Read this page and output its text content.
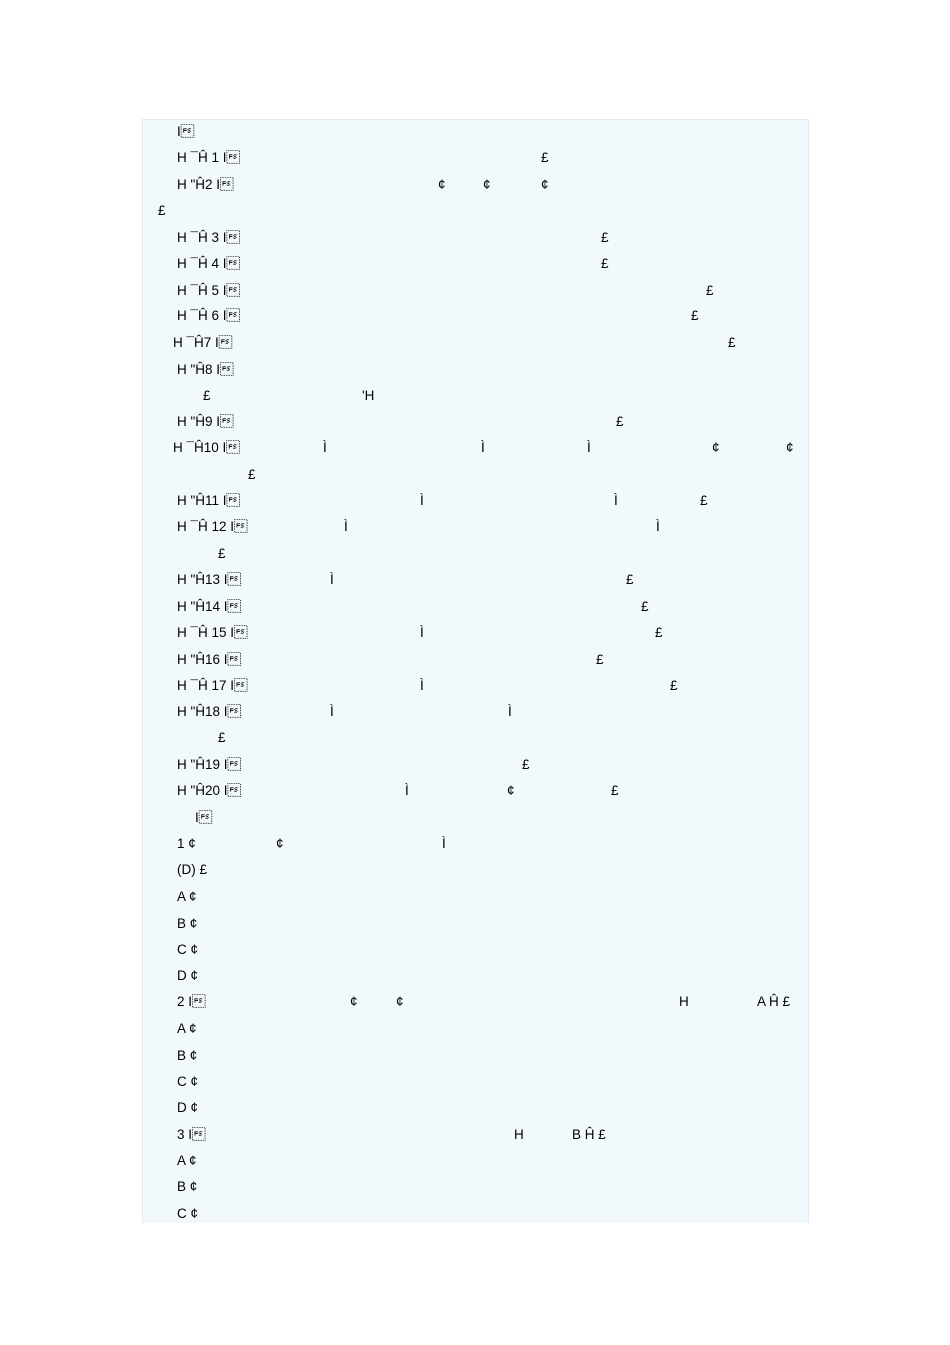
I
H ¯Ĥ 1 I	£
H "Ĥ2 I	¢	¢	¢
£
H ¯Ĥ 3 I	£
H ¯Ĥ 4 I	£
H ¯Ĥ 5 I	£
H ¯Ĥ 6 I	£
H ¯Ĥ7 I	£
H "Ĥ8 I
£	'H
H "Ĥ9 I	£
H ¯Ĥ10 I	Ì	Ì	Ì	¢	¢
£
H "Ĥ11 I	Ì	Ì	£
H ¯Ĥ 12 I	Ì	Ì
£
H "Ĥ13 I	Ì	£
H "Ĥ14 I	£
H ¯Ĥ 15 I	Ì	£
H "Ĥ16 I	£
H ¯Ĥ 17 I	Ì	£
H "Ĥ18 I	Ì	Ì
£
H "Ĥ19 I	£
H "Ĥ20 I	Ì	¢	£
I
1 ¢	¢	Ì
(D) £
A ¢
B ¢
C ¢
D ¢
2 I	¢	¢	H	A Ĥ £
A ¢
B ¢
C ¢
D ¢
3 I	H	B Ĥ £
A ¢
B ¢
C ¢
